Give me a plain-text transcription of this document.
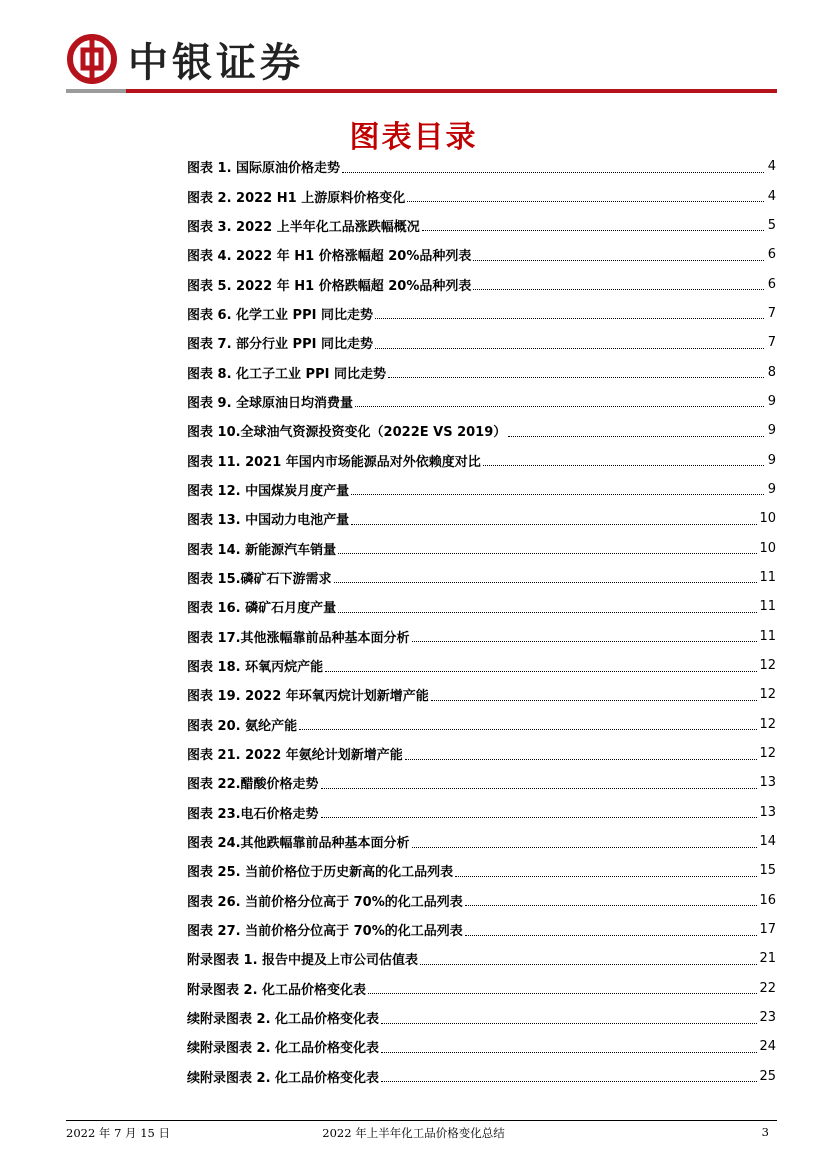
中银证券
图表目录
图表 1. 国际原油价格走势	4
图表 2. 2022 H1 上游原料价格变化	4
图表 3. 2022 上半年化工品涨跌幅概况	5
图表 4. 2022 年 H1 价格涨幅超 20%品种列表	6
图表 5. 2022 年 H1 价格跌幅超 20%品种列表	6
图表 6. 化学工业 PPI 同比走势	7
图表 7. 部分行业 PPI 同比走势	7
图表 8. 化工子工业 PPI 同比走势	8
图表 9. 全球原油日均消费量	9
图表 10.全球油气资源投资变化（2022E VS 2019）	9
图表 11. 2021 年国内市场能源品对外依赖度对比	9
图表 12. 中国煤炭月度产量	9
图表 13. 中国动力电池产量	10
图表 14. 新能源汽车销量	10
图表 15.磷矿石下游需求	11
图表 16. 磷矿石月度产量	11
图表 17.其他涨幅靠前品种基本面分析	11
图表 18. 环氧丙烷产能	12
图表 19. 2022 年环氧丙烷计划新增产能	12
图表 20. 氨纶产能	12
图表 21. 2022 年氨纶计划新增产能	12
图表 22.醋酸价格走势	13
图表 23.电石价格走势	13
图表 24.其他跌幅靠前品种基本面分析	14
图表 25. 当前价格位于历史新高的化工品列表	15
图表 26. 当前价格分位高于 70%的化工品列表	16
图表 27. 当前价格分位高于 70%的化工品列表	17
附录图表 1. 报告中提及上市公司估值表	21
附录图表 2. 化工品价格变化表	22
续附录图表 2. 化工品价格变化表	23
续附录图表 2. 化工品价格变化表	24
续附录图表 2. 化工品价格变化表	25
2022 年 7 月 15 日	2022 年上半年化工品价格变化总结	3
